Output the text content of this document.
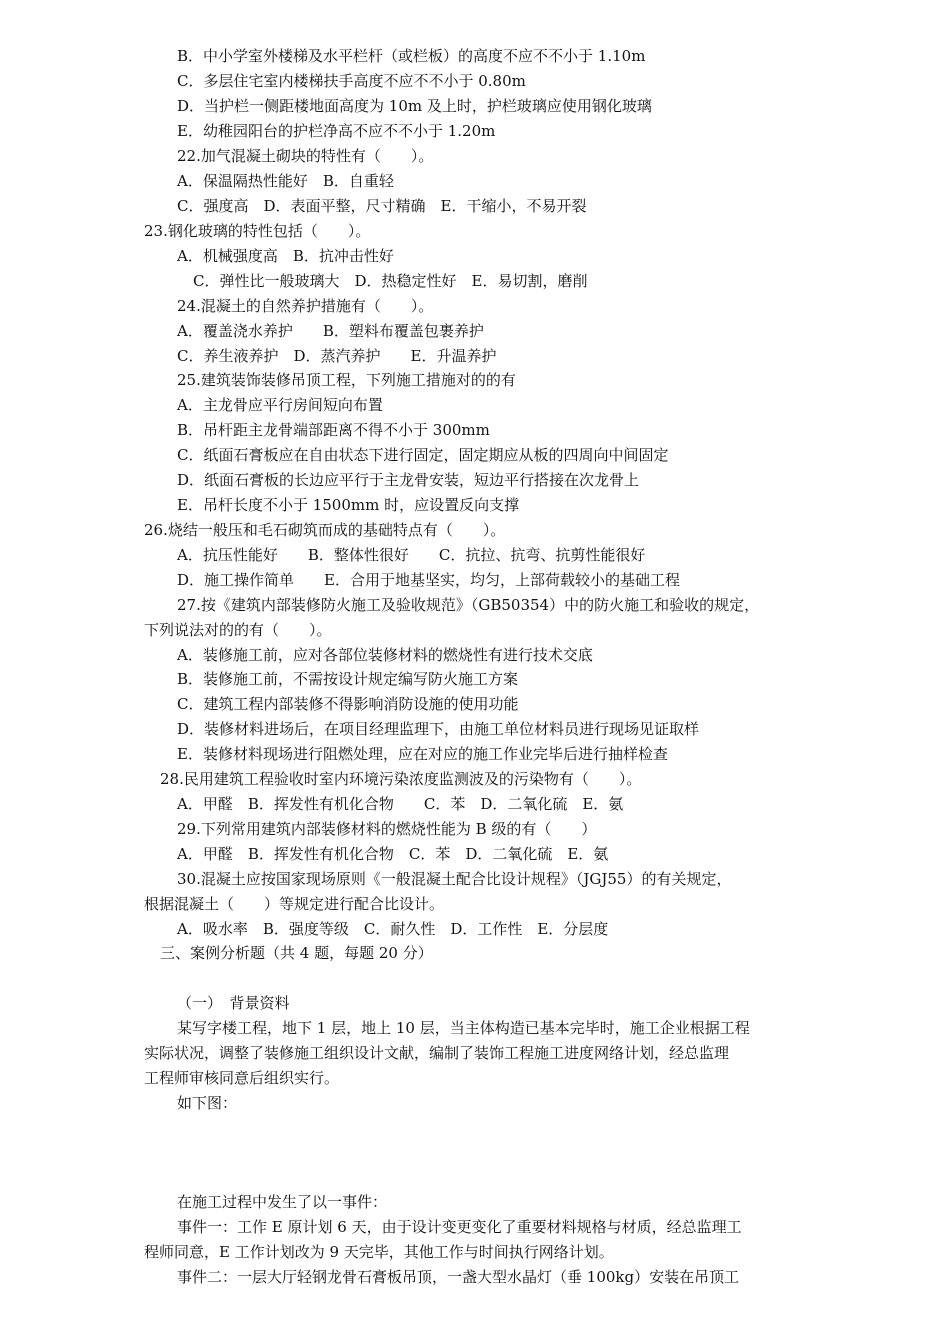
B．中小学室外楼梯及水平栏杆（或栏板）的高度不应不不小于 1.10m

C．多层住宅室内楼梯扶手高度不应不不小于 0.80m

D．当护栏一侧距楼地面高度为 10m 及上时，护栏玻璃应使用钢化玻璃

E．幼稚园阳台的护栏净高不应不不小于 1.20m

22.加气混凝土砌块的特性有（　　）。

A．保温隔热性能好　B．自重轻

C．强度高　D．表面平整，尺寸精确　E．干缩小，不易开裂

23.钢化玻璃的特性包括（　　）。

A．机械强度高　B．抗冲击性好

C．弹性比一般玻璃大　D．热稳定性好　E．易切割，磨削

24.混凝土的自然养护措施有（　　）。

A．覆盖浇水养护　　B．塑料布覆盖包裹养护

C．养生液养护　D．蒸汽养护　　E．升温养护

25.建筑装饰装修吊顶工程，下列施工措施对的的有

A．主龙骨应平行房间短向布置

B．吊杆距主龙骨端部距离不得不小于 300mm

C．纸面石膏板应在自由状态下进行固定，固定期应从板的四周向中间固定

D．纸面石膏板的长边应平行于主龙骨安装，短边平行搭接在次龙骨上

E．吊杆长度不小于 1500mm 时，应设置反向支撑

26.烧结一般压和毛石砌筑而成的基础特点有（　　）。

A．抗压性能好　　B．整体性很好　　C．抗拉、抗弯、抗剪性能很好

D．施工操作简单　　E．合用于地基坚实，均匀，上部荷载较小的基础工程

27.按《建筑内部装修防火施工及验收规范》（GB50354）中的防火施工和验收的规定，

下列说法对的的有（　　）。

A．装修施工前，应对各部位装修材料的燃烧性有进行技术交底

B．装修施工前，不需按设计规定编写防火施工方案

C．建筑工程内部装修不得影响消防设施的使用功能

D．装修材料进场后，在项目经理监理下，由施工单位材料员进行现场见证取样

E．装修材料现场进行阻燃处理，应在对应的施工作业完毕后进行抽样检查

28.民用建筑工程验收时室内环境污染浓度监测波及的污染物有（　　）。

A．甲醛　B．挥发性有机化合物　　C．苯　D．二氧化硫　E．氨

29.下列常用建筑内部装修材料的燃烧性能为 B 级的有（　　）

A．甲醛　B．挥发性有机化合物　C．苯　D．二氧化硫　E．氨

30.混凝土应按国家现场原则《一般混凝土配合比设计规程》（JGJ55）的有关规定，

根据混凝土（　　）等规定进行配合比设计。

A．吸水率　B．强度等级　C．耐久性　D．工作性　E．分层度

三、案例分析题（共 4 题，每题 20 分）

（一）　背景资料

某写字楼工程，地下 1 层，地上 10 层，当主体构造已基本完毕时，施工企业根据工程

实际状况，调整了装修施工组织设计文献，编制了装饰工程施工进度网络计划，经总监理

工程师审核同意后组织实行。

如下图：

在施工过程中发生了以一事件：

事件一：工作 E 原计划 6 天，由于设计变更变化了重要材料规格与材质，经总监理工

程师同意，E 工作计划改为 9 天完毕，其他工作与时间执行网络计划。

事件二：一层大厅轻钢龙骨石膏板吊顶，一盏大型水晶灯（垂 100kg）安装在吊顶工
